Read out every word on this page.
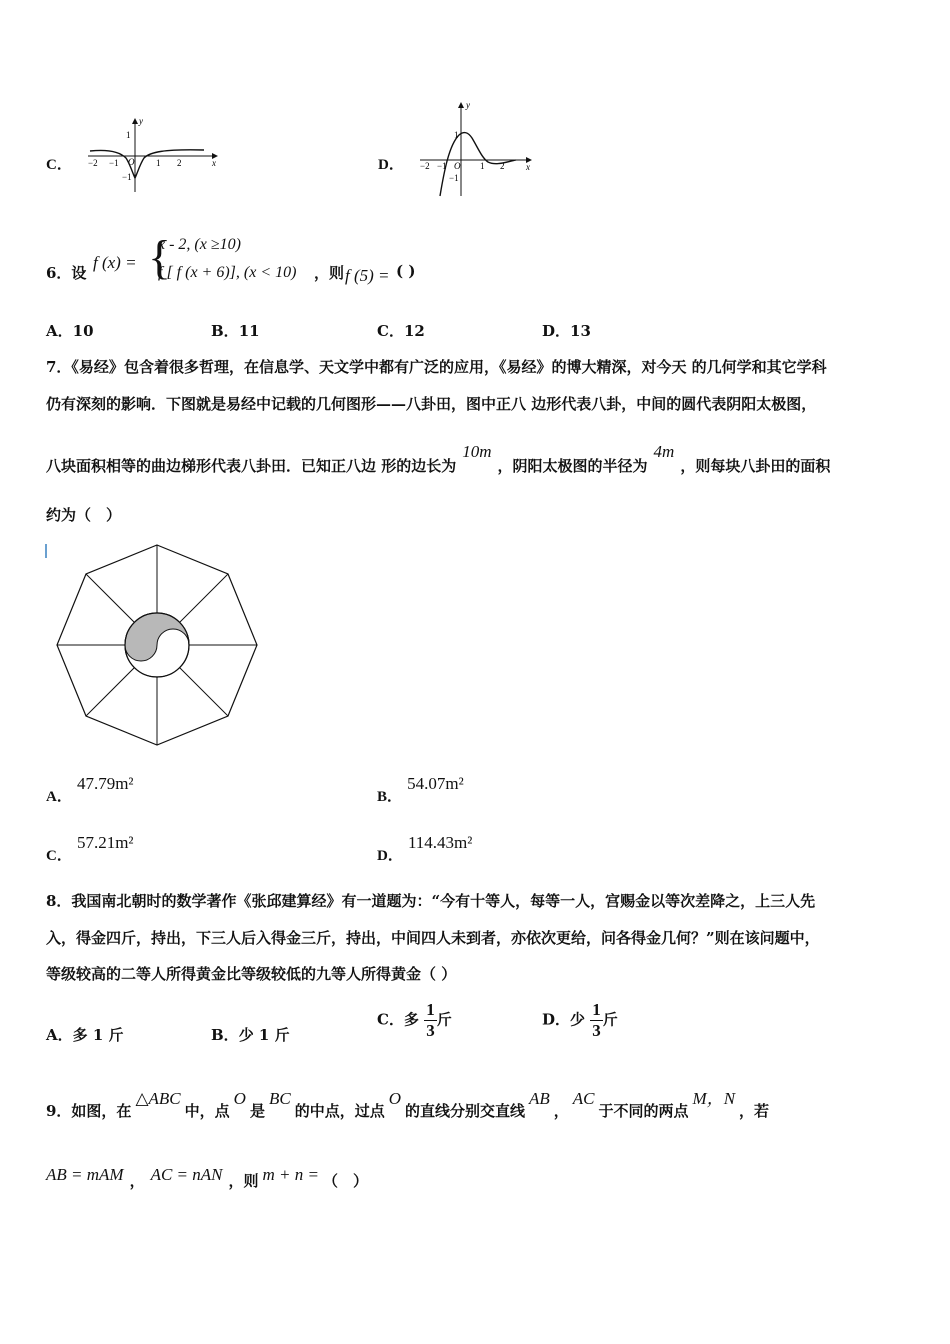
C．
y
x
1
−1
O
−2 −1	1 2	D．
y
x
1
−1
O
−2 −1	1 2
6．设
f (x) = {
x - 2, (x ≥10)
f [ f (x + 6)], (x < 10) ，则 f (5) = ( )
A．10	B．11	C．12	D．13
7．《易经》包含着很多哲理，在信息学、天文学中都有广泛的应用，《易经》的博大精深，对今天 的几何学和其它学科
仍有深刻的影响．下图就是易经中记载的几何图形——八卦田，图中正八 边形代表八卦，中间的圆代表阴阳太极图，
八块面积相等的曲边梯形代表八卦田．已知正八边 形的边长为10m，阴阳太极图的半径为4m，则每块八卦田的面积
约为（　）
A． 47.79m²
B． 54.07m²
C． 57.21m²
D． 114.43m²
8．我国南北朝时的数学著作《张邱建算经》有一道题为：“今有十等人，每等一人，宫赐金以等次差降之，上三人先
入，得金四斤，持出，下三人后入得金三斤，持出，中间四人未到者，亦依次更给，问各得金几何？”则在该问题中，
等级较高的二等人所得黄金比等级较低的九等人所得黄金（ ）
A．多 1 斤	B．少 1 斤
C．多 $\frac{1}{3}$ 斤	D．少 $\frac{1}{3}$ 斤
9．如图，在△ABC中，点O是BC的中点，过点O的直线分别交直线AB，AC于不同的两点M，N，若
AB = mAM ， AC = nAN ，则 m + n = （　）
